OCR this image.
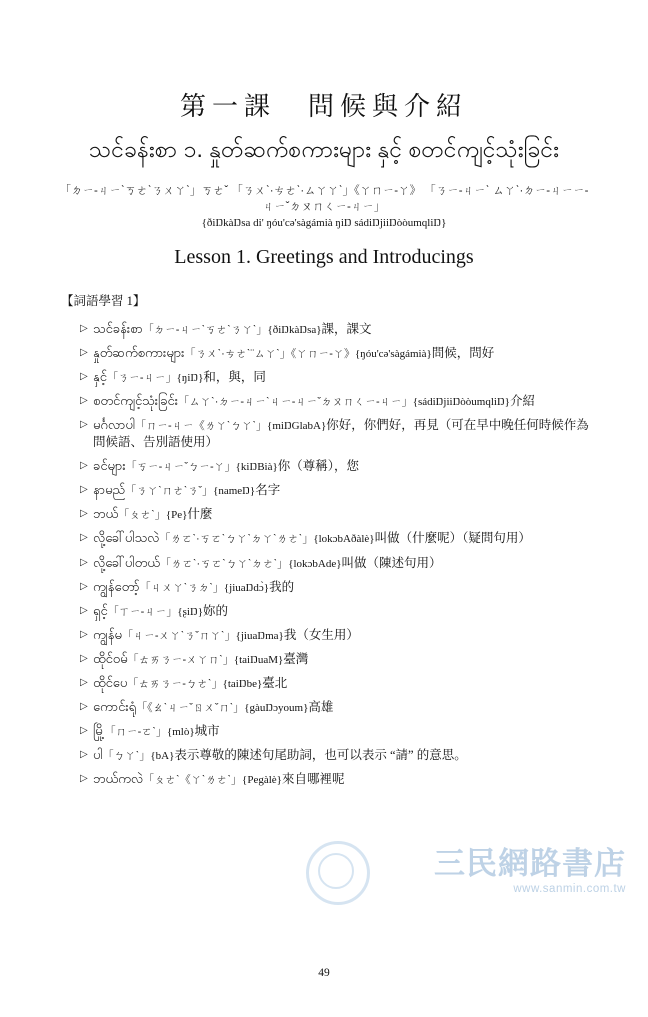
三民網路書店
www.sanmin.com.tw
第一課　問候與介紹
သင်ခန်းစာ ၁. နှုတ်ဆက်စကားများ နှင့် စတင်ကျင့်သုံးခြင်း
「ㄉㄧ-ㄐㄧˋㄎㄜˋㄋㄨㄚˋ」ㄎㄜˇ 「ㄋㄨˋ·ㄘㄜˋ·ㄙㄚㄚˋ」《ㄚㄇㄧ-ㄚ》 「ㄋㄧ-ㄐㄧˋ ㄙㄚˋ·ㄉㄧ-ㄐㄧㄧ-ㄐㄧˇㄉㄡㄇㄑㄧ-ㄐㄧ」
{ðiŊkàŊsa di' ŋóu'cə'sàgámià ŋiŊ sádiŊjiiŊòòumqliŊ}
Lesson 1. Greetings and Introducings
【詞語學習 1】
▷ သင်ခန်းစာ「ㄉㄧ-ㄐㄧˋㄎㄜˋㄋㄚˋ」{ðiŊkàŊsa}課，課文
▷ နှုတ်ဆက်စကားများ「ㄋㄨˋ·ㄘㄜˋ¨ㄙㄚˋ」《ㄚㄇㄧ-ㄚ》{ŋóu'cə'sàgámià}問候，問好
▷ နှင့်「ㄋㄧ-ㄐㄧ」{ŋiŊ}和，與，同
▷ စတင်ကျင့်သုံးခြင်း「ㄙㄚˋ·ㄉㄧ-ㄐㄧˋㄐㄧ-ㄐㄧˇㄉㄡㄇㄑㄧ-ㄐㄧ」{sádiŊjiiŊòòumqliŊ}介紹
▷ မင်္ဂလာပါ「ㄇㄧ-ㄐㄧ《ㄌㄚˋㄅㄚˋ」{miŊGlabA}你好，你們好，再見（可在早中晚任何時候作為問候語、告別語使用）
▷ ခင်များ「ㄎㄧ-ㄐㄧˇㄅㄧ-ㄚ」{kiŊBià}你（尊稱），您
▷ နာမည်「ㄋㄚˋㄇㄜˋㄋˇ」{nameŊ}名字
▷ ဘယ်「ㄆㄜˋ」{Pe}什麼
▷ လို့ခေါ်ပါသလဲ「ㄌㄛˋ·ㄎㄛˋㄅㄚˋㄉㄚˋㄌㄜˋ」{lokɔbAðàlè}叫做（什麼呢）（疑問句用）
▷ လို့ခေါ်ပါတယ်「ㄌㄛˋ·ㄎㄛˋㄅㄚˋㄉㄜˋ」{lokɔbAde}叫做（陳述句用）
▷ ကျွန်တော့်「ㄐㄨㄚˋㄋㄉˋ」{jiuaŊdɔ̀}我的
▷ ရှင့်「ㄒㄧ-ㄐㄧ」{ʂiŊ}妳的
▷ ကျွန်မ「ㄐㄧ-ㄨㄚˋㄋˇㄇㄚˋ」{jiuaŊma}我（女生用）
▷ ထိုင်ဝမ်「ㄊㄞㄋㄧ-ㄨㄚㄇˋ」{taiŊuaM}臺灣
▷ ထိုင်ပေ「ㄊㄞㄋㄧ-ㄅㄜˋ」{taiŊbe}臺北
▷ ကောင်းရုံ「《ㄠˋㄐㄧˇㄖㄨˇㄇˋ」{gàuŊɔyoum}高雄
▷ မြို့「ㄇㄧ-ㄛˋ」{mlò}城市
▷ ပါ「ㄅㄚˋ」{bA}表示尊敬的陳述句尾助詞，也可以表示 “請” 的意思。
▷ ဘယ်ကလဲ「ㄆㄜˋ《ㄚˋㄌㄜˋ」{Pegàlè}來自哪裡呢
49
